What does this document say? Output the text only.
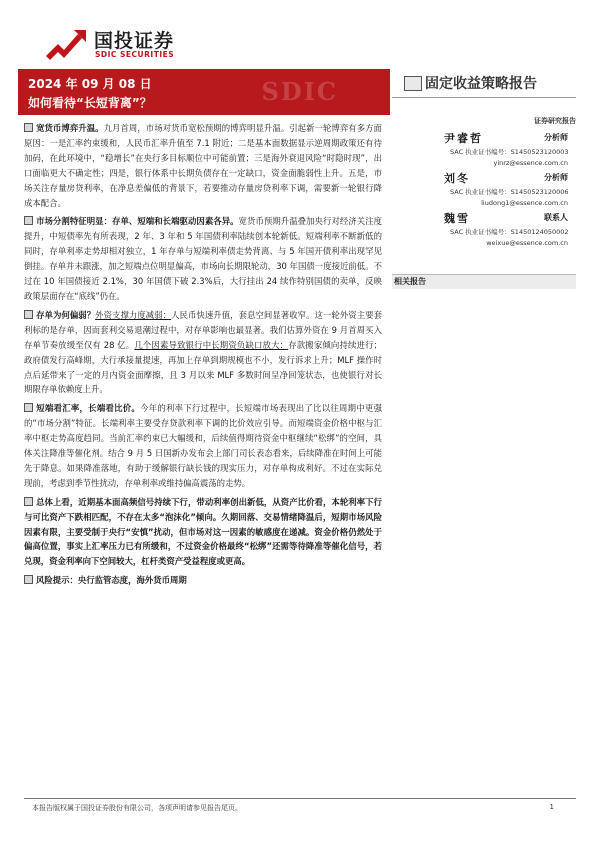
国投证券
SDIC SECURITIES
SDIC
2024 年 09 月 08 日
如何看待“长短背离”？
固定收益策略报告
证券研究报告
尹睿哲	分析师
SAC 执业证书编号：S1450523120003
yinrz@essence.com.cn
刘冬	分析师
SAC 执业证书编号：S1450523120006
liudong1@essence.com.cn
魏雪	联系人
SAC 执业证书编号：S1450124050002
weixue@essence.com.cn
相关报告

宽货币博弈升温。九月首周，市场对货币宽松预期的博弈明显升温。引起新一轮博弈有多方面原因：一是汇率约束缓和，人民币汇率升值至 7.1 附近；二是基本面数据显示逆周期政策还有待加码，在此环境中，“稳增长”在央行多目标顺位中可能前置；三是海外衰退风险“时隐时现”，出口面临更大不确定性；四是，银行体系中长期负债存在一定缺口，资金面脆弱性上升。五是，市场关注存量房贷利率，在净息差偏低的背景下，若要推动存量房贷利率下调，需要新一轮银行降成本配合。

市场分割特征明显：存单、短端和长端驱动因素各异。宽货币预期升温叠加央行对经济关注度提升，中短债率先有所表现，2 年、3 年和 5 年国债利率陆续创本轮新低。短端利率不断新低的同时，存单利率走势却相对独立，1 年存单与短端利率债走势背离、与 5 年国开债利率出现罕见倒挂。存单并未跟涨，加之短端点位明显偏高，市场向长期限轮动，30 年国债一度接近前低。不过在 10 年国债接近 2.1%，30 年国债下破 2.3%后，大行挂出 24 续作特别国债的卖单，反映政策层面存在“底线”仍在。

存单为何偏弱？外资支撑力度减弱：人民币快速升值，套息空间显著收窄。这一轮外资主要套利标的是存单，因而套利交易退潮过程中，对存单影响也最显著。我们估算外资在 9 月首周买入存单节奏放缓至仅有 28 亿。几个因素导致银行中长期资负缺口放大：存款搬家倾向持续进行；政府债发行高峰期，大行承接量提速，再加上存单到期规模也不小，发行诉求上升；MLF 操作时点后延带来了一定的月内资金面摩擦，且 3 月以来 MLF 多数时间呈净回笼状态，也使银行对长期限存单依赖度上升。

短端看汇率，长端看比价。今年的利率下行过程中，长短端市场表现出了比以往周期中更强的“市场分割”特征。长端利率主要受存贷款利率下调的比价效应引导。而短端资金价格中枢与汇率中枢走势高度趋同。当前汇率约束已大幅缓和，后续值得期待资金中枢继续“松绑”的空间，具体关注降准等催化剂。结合 9 月 5 日国新办发布会上部门司长表态看来，后续降准在时间上可能先于降息。如果降准落地，有助于缓解银行缺长钱的现实压力，对存单构成利好。不过在实际兑现前，考虑到季节性扰动，存单利率或维持偏高震荡的走势。

总体上看，近期基本面高频信号持续下行，带动利率创出新低，从资产比价看，本轮利率下行与可比资产下跌相匹配，不存在太多“泡沫化”倾向。久期回落、交易情绪降温后，短期市场风险因素有限，主要受制于央行“安慎”扰动，但市场对这一因素的敏感度在递减。资金价格仍然处于偏高位置，事实上汇率压力已有所缓和，不过资金价格最终“松绑”还需等待降准等催化信号，若兑现，资金利率向下空间较大，杠杆类资产受益程度或更高。

风险提示：央行监管态度，海外货币周期

本报告版权属于国投证券股份有限公司，各项声明请参见报告尾页。	1
